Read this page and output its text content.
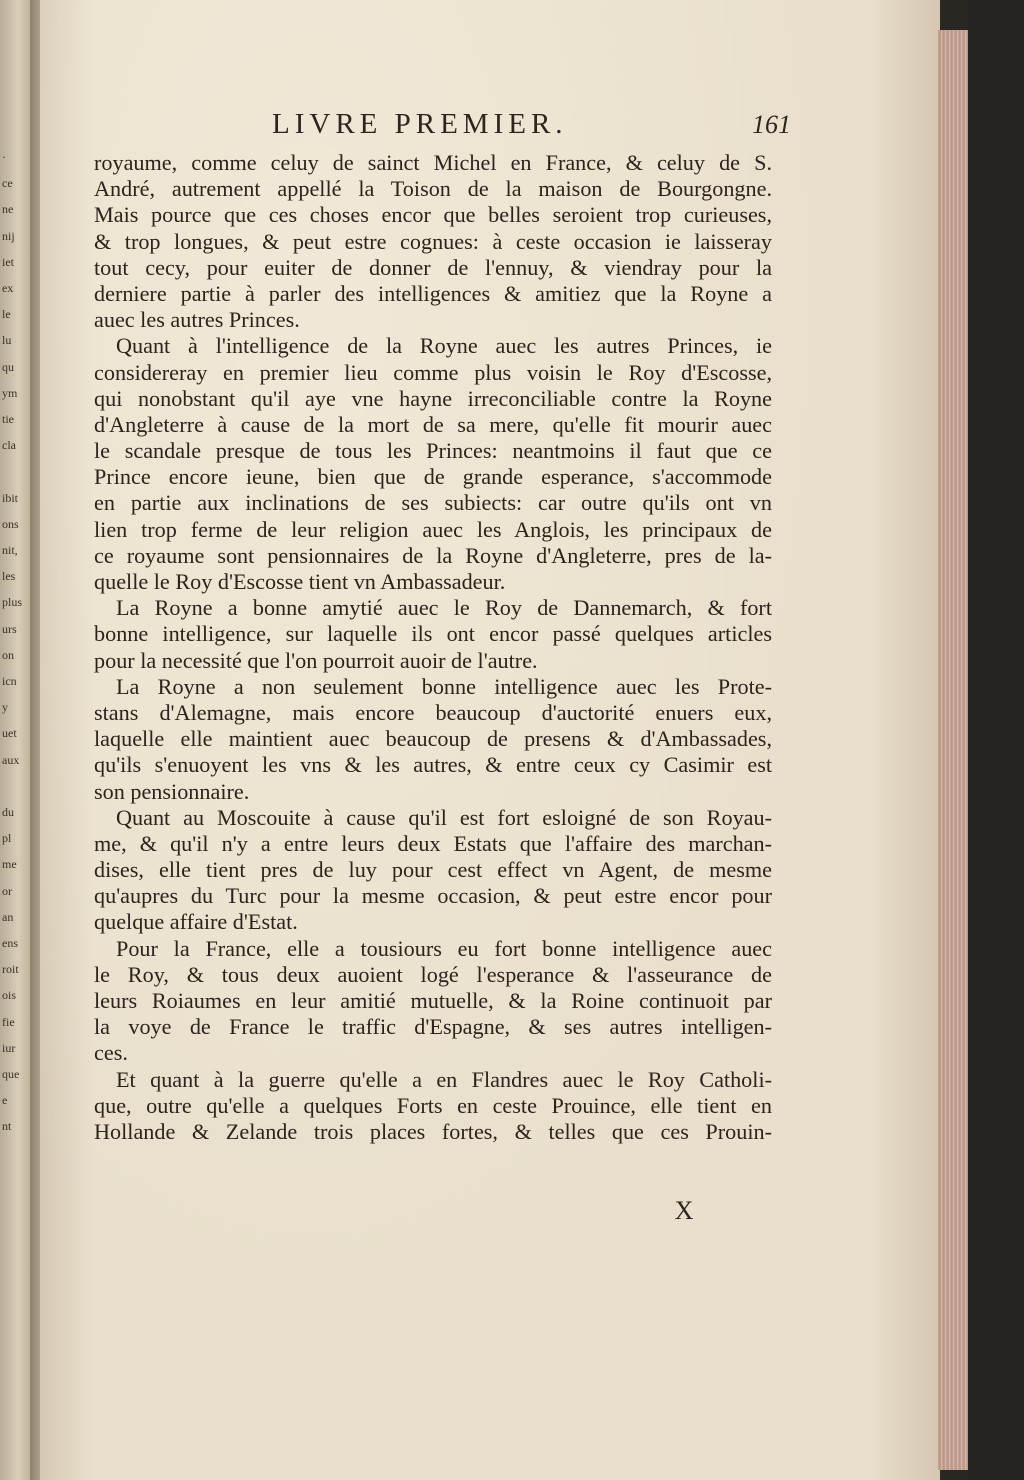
·
ce
ne
nij
iet
ex
le
lu
qu
ym
tie
cla
ibit
ons
nit,
les
plus
urs
on
icn
y
uet
aux
du
pl
me
or
an
ens
roit
ois
fie
iur
que
e
nt
LIVRE PREMIER.	161
royaume, comme celuy de sainct Michel en France, & celuy de S.
André, autrement appellé la Toison de la maison de Bourgongne.
Mais pource que ces choses encor que belles seroient trop curieuses,
& trop longues, & peut estre cognues: à ceste occasion ie laisseray
tout cecy, pour euiter de donner de l'ennuy, & viendray pour la
derniere partie à parler des intelligences & amitiez que la Royne a
auec les autres Princes.
Quant à l'intelligence de la Royne auec les autres Princes, ie
considereray en premier lieu comme plus voisin le Roy d'Escosse,
qui nonobstant qu'il aye vne hayne irreconciliable contre la Royne
d'Angleterre à cause de la mort de sa mere, qu'elle fit mourir auec
le scandale presque de tous les Princes: neantmoins il faut que ce
Prince encore ieune, bien que de grande esperance, s'accommode
en partie aux inclinations de ses subiects: car outre qu'ils ont vn
lien trop ferme de leur religion auec les Anglois, les principaux de
ce royaume sont pensionnaires de la Royne d'Angleterre, pres de la-
quelle le Roy d'Escosse tient vn Ambassadeur.
La Royne a bonne amytié auec le Roy de Dannemarch, & fort
bonne intelligence, sur laquelle ils ont encor passé quelques articles
pour la necessité que l'on pourroit auoir de l'autre.
La Royne a non seulement bonne intelligence auec les Prote-
stans d'Alemagne, mais encore beaucoup d'auctorité enuers eux,
laquelle elle maintient auec beaucoup de presens & d'Ambassades,
qu'ils s'enuoyent les vns & les autres, & entre ceux cy Casimir est
son pensionnaire.
Quant au Moscouite à cause qu'il est fort esloigné de son Royau-
me, & qu'il n'y a entre leurs deux Estats que l'affaire des marchan-
dises, elle tient pres de luy pour cest effect vn Agent, de mesme
qu'aupres du Turc pour la mesme occasion, & peut estre encor pour
quelque affaire d'Estat.
Pour la France, elle a tousiours eu fort bonne intelligence auec
le Roy, & tous deux auoient logé l'esperance & l'asseurance de
leurs Roiaumes en leur amitié mutuelle, & la Roine continuoit par
la voye de France le traffic d'Espagne, & ses autres intelligen-
ces.
Et quant à la guerre qu'elle a en Flandres auec le Roy Catholi-
que, outre qu'elle a quelques Forts en ceste Prouince, elle tient en
Hollande & Zelande trois places fortes, & telles que ces Prouin-
X
